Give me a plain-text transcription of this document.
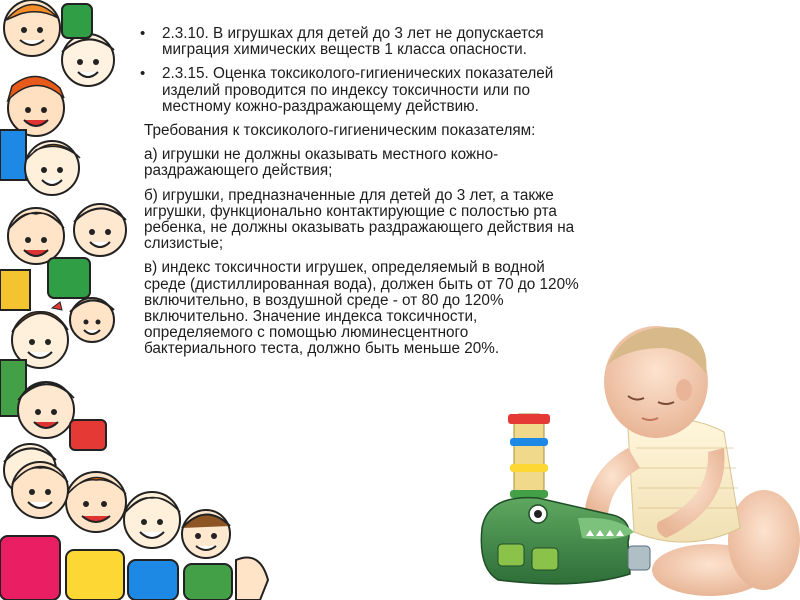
• 2.3.10. В игрушках для детей до 3 лет не допускается миграция химических веществ 1 класса опасности.
• 2.3.15. Оценка токсиколого-гигиенических показателей изделий проводится по индексу токсичности или по местному кожно-раздражающему действию.

Требования к токсиколого-гигиеническим показателям:

а) игрушки не должны оказывать местного кожно-раздражающего действия;

б) игрушки, предназначенные для детей до 3 лет, а также игрушки, функционально контактирующие с полостью рта ребенка, не должны оказывать раздражающего действия на слизистые;

в) индекс токсичности игрушек, определяемый в водной среде (дистиллированная вода), должен быть от 70 до 120% включительно, в воздушной среде - от 80 до 120% включительно. Значение индекса токсичности, определяемого с помощью люминесцентного бактериального теста, должно быть меньше 20%.
